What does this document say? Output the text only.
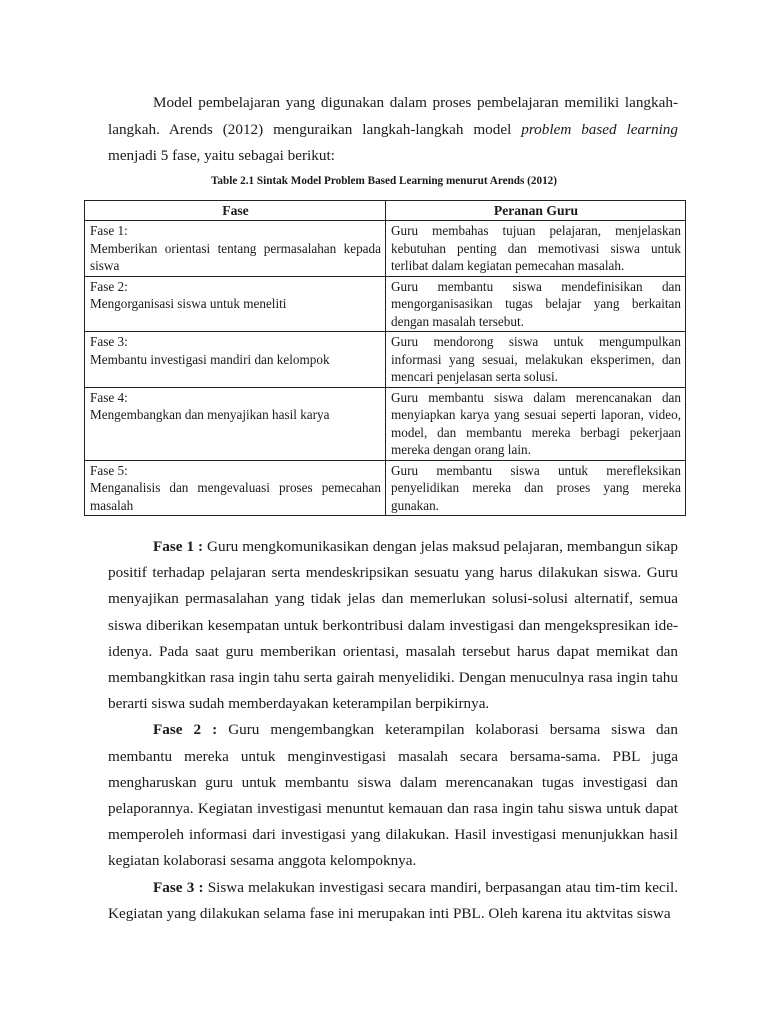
Model pembelajaran yang digunakan dalam proses pembelajaran memiliki langkah-langkah. Arends (2012) menguraikan langkah-langkah model problem based learning menjadi 5 fase, yaitu sebagai berikut:
Table 2.1 Sintak Model Problem Based Learning menurut Arends (2012)
Fase	Peranan Guru

Fase 1:
Memberikan orientasi tentang permasalahan kepada siswa	Guru membahas tujuan pelajaran, menjelaskan kebutuhan penting dan memotivasi siswa untuk terlibat dalam kegiatan pemecahan masalah.

Fase 2:
Mengorganisasi siswa untuk meneliti	Guru membantu siswa mendefinisikan dan mengorganisasikan tugas belajar yang berkaitan dengan masalah tersebut.

Fase 3:
Membantu investigasi mandiri dan kelompok	Guru mendorong siswa untuk mengumpulkan informasi yang sesuai, melakukan eksperimen, dan mencari penjelasan serta solusi.

Fase 4:
Mengembangkan dan menyajikan hasil karya	Guru membantu siswa dalam merencanakan dan menyiapkan karya yang sesuai seperti laporan, video, model, dan membantu mereka berbagi pekerjaan mereka dengan orang lain.

Fase 5:
Menganalisis dan mengevaluasi proses pemecahan masalah	Guru membantu siswa untuk merefleksikan penyelidikan mereka dan proses yang mereka gunakan.

Fase 1 : Guru mengkomunikasikan dengan jelas maksud pelajaran, membangun sikap positif terhadap pelajaran serta mendeskripsikan sesuatu yang harus dilakukan siswa. Guru menyajikan permasalahan yang tidak jelas dan memerlukan solusi-solusi alternatif, semua siswa diberikan kesempatan untuk berkontribusi dalam investigasi dan mengekspresikan ide-idenya. Pada saat guru memberikan orientasi, masalah tersebut harus dapat memikat dan membangkitkan rasa ingin tahu serta gairah menyelidiki. Dengan menuculnya rasa ingin tahu berarti siswa sudah memberdayakan keterampilan berpikirnya.

Fase 2 : Guru mengembangkan keterampilan kolaborasi bersama siswa dan membantu mereka untuk menginvestigasi masalah secara bersama-sama. PBL juga mengharuskan guru untuk membantu siswa dalam merencanakan tugas investigasi dan pelaporannya. Kegiatan investigasi menuntut kemauan dan rasa ingin tahu siswa untuk dapat memperoleh informasi dari investigasi yang dilakukan. Hasil investigasi menunjukkan hasil kegiatan kolaborasi sesama anggota kelompoknya.

Fase 3 : Siswa melakukan investigasi secara mandiri, berpasangan atau tim-tim kecil. Kegiatan yang dilakukan selama fase ini merupakan inti PBL. Oleh karena itu aktvitas siswa
